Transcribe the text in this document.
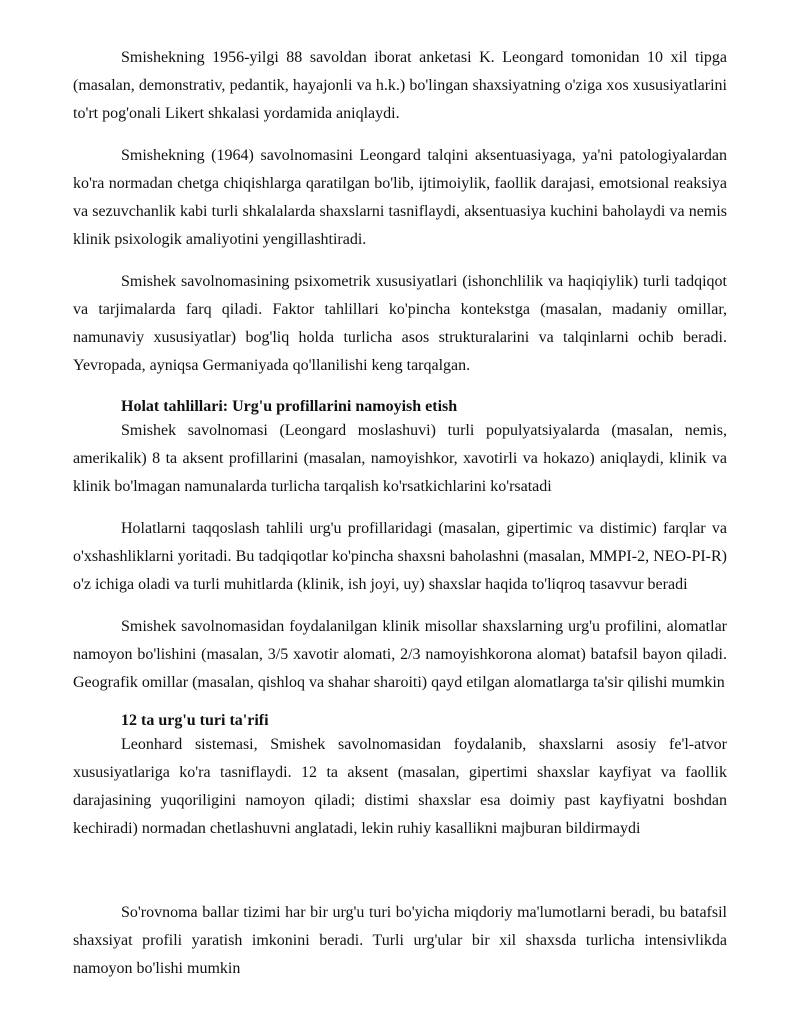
Smishekning 1956-yilgi 88 savoldan iborat anketasi K. Leongard tomonidan 10 xil tipga (masalan, demonstrativ, pedantik, hayajonli va h.k.) bo'lingan shaxsiyatning o'ziga xos xususiyatlarini to'rt pog'onali Likert shkalasi yordamida aniqlaydi.

Smishekning (1964) savolnomasini Leongard talqini aksentuasiyaga, ya'ni patologiyalardan ko'ra normadan chetga chiqishlarga qaratilgan bo'lib, ijtimoiylik, faollik darajasi, emotsional reaksiya va sezuvchanlik kabi turli shkalalarda shaxslarni tasniflaydi, aksentuasiya kuchini baholaydi va nemis klinik psixologik amaliyotini yengillashtiradi.

Smishek savolnomasining psixometrik xususiyatlari (ishonchlilik va haqiqiylik) turli tadqiqot va tarjimalarda farq qiladi. Faktor tahlillari ko'pincha kontekstga (masalan, madaniy omillar, namunaviy xususiyatlar) bog'liq holda turlicha asos strukturalarini va talqinlarni ochib beradi. Yevropada, ayniqsa Germaniyada qo'llanilishi keng tarqalgan.

Holat tahlillari: Urg'u profillarini namoyish etish

Smishek savolnomasi (Leongard moslashuvi) turli populyatsiyalarda (masalan, nemis, amerikalik) 8 ta aksent profillarini (masalan, namoyishkor, xavotirli va hokazo) aniqlaydi, klinik va klinik bo'lmagan namunalarda turlicha tarqalish ko'rsatkichlarini ko'rsatadi

Holatlarni taqqoslash tahlili urg'u profillaridagi (masalan, gipertimic va distimic) farqlar va o'xshashliklarni yoritadi. Bu tadqiqotlar ko'pincha shaxsni baholashni (masalan, MMPI-2, NEO-PI-R) o'z ichiga oladi va turli muhitlarda (klinik, ish joyi, uy) shaxslar haqida to'liqroq tasavvur beradi

Smishek savolnomasidan foydalanilgan klinik misollar shaxslarning urg'u profilini, alomatlar namoyon bo'lishini (masalan, 3/5 xavotir alomati, 2/3 namoyishkorona alomat) batafsil bayon qiladi. Geografik omillar (masalan, qishloq va shahar sharoiti) qayd etilgan alomatlarga ta'sir qilishi mumkin

12 ta urg'u turi ta'rifi

Leonhard sistemasi, Smishek savolnomasidan foydalanib, shaxslarni asosiy fe'l-atvor xususiyatlariga ko'ra tasniflaydi. 12 ta aksent (masalan, gipertimi shaxslar kayfiyat va faollik darajasining yuqoriligini namoyon qiladi; distimi shaxslar esa doimiy past kayfiyatni boshdan kechiradi) normadan chetlashuvni anglatadi, lekin ruhiy kasallikni majburan bildirmaydi

So'rovnoma ballar tizimi har bir urg'u turi bo'yicha miqdoriy ma'lumotlarni beradi, bu batafsil shaxsiyat profili yaratish imkonini beradi. Turli urg'ular bir xil shaxsda turlicha intensivlikda namoyon bo'lishi mumkin
